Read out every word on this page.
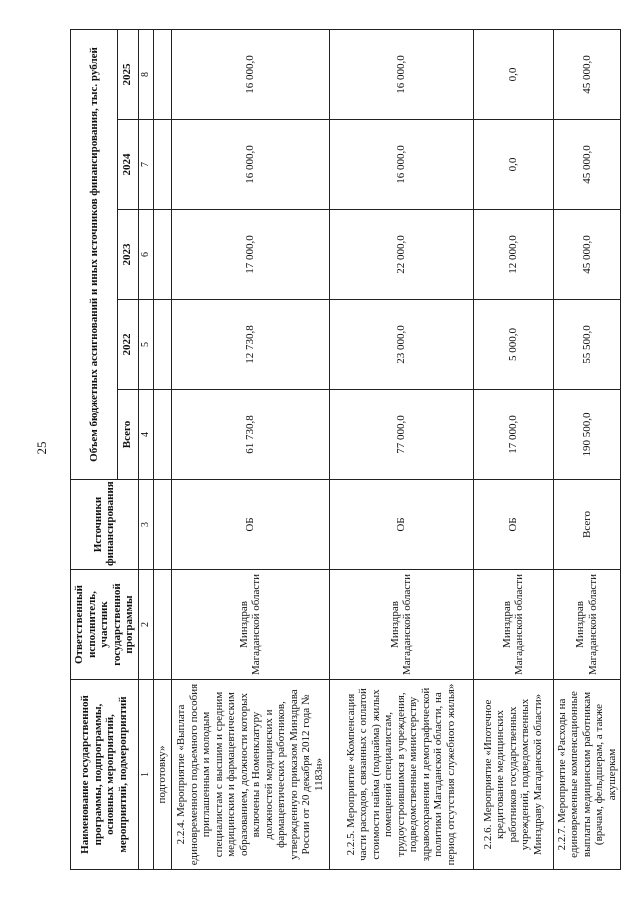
25
Наименование государственной программы, подпрограммы, основных мероприятий, мероприятий, подмероприятий	Ответственный исполнитель, участник государственной программы	Источники финансирования	Объем бюджетных ассигнований и иных источников финансирования, тыс. рублей				
			Всего	2022	2023	2024	2025
1	2	3	4	5	6	7	8
подготовку»							
2.2.4. Мероприятие «Выплата единовременного подъемного пособия приглашенным и молодым специалистам с высшим и средним медицинским и фармацевтическим образованием, должности которых включены в Номенклатуру должностей медицинских и фармацевтических работников, утвержденную приказом Минздрава России от 20 декабря 2012 года № 1183н»	Минздрав Магаданской области	ОБ	61 730,8	12 730,8	17 000,0	16 000,0	16 000,0
2.2.5. Мероприятие «Компенсация части расходов, связанных с оплатой стоимости найма (поднайма) жилых помещений специалистам, трудоустроившимся в учреждения, подведомственные министерству здравоохранения и демографической политики Магаданской области, на период отсутствия служебного жилья»	Минздрав Магаданской области	ОБ	77 000,0	23 000,0	22 000,0	16 000,0	16 000,0
2.2.6. Мероприятие «Ипотечное кредитование медицинских работников государственных учреждений, подведомственных Минздраву Магаданской области»	Минздрав Магаданской области	ОБ	17 000,0	5 000,0	12 000,0	0,0	0,0
2.2.7. Мероприятие «Расходы на единовременные компенсационные выплаты медицинским работникам (врачам, фельдшерам, а также акушеркам	Минздрав Магаданской области	Всего	190 500,0	55 500,0	45 000,0	45 000,0	45 000,0
